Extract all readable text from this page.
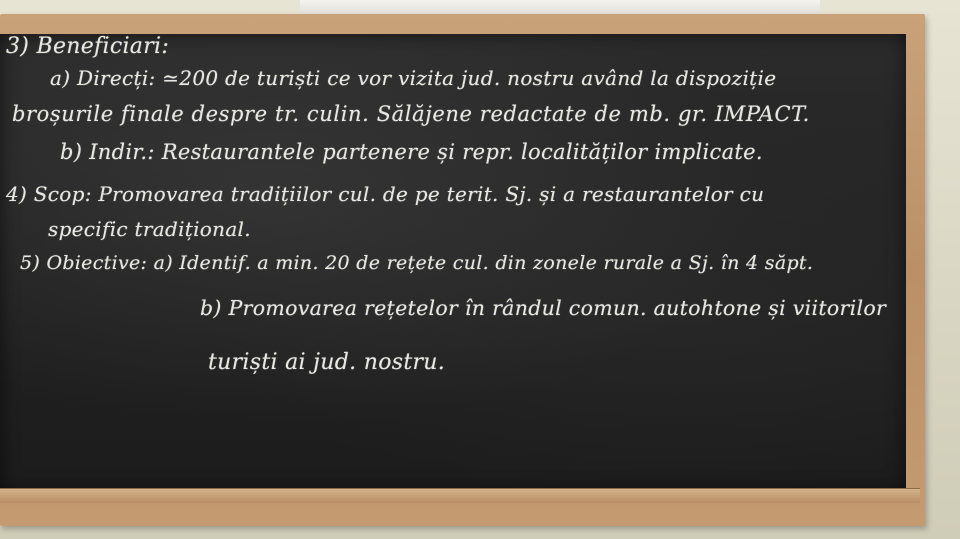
3) Beneficiari:
a) Direcți: ≃200 de turiști ce vor vizita jud. nostru având la dispoziție
broșurile finale despre tr. culin. Sălăjene redactate de mb. gr. IMPACT.
b) Indir.: Restaurantele partenere și repr. localităților implicate.
4) Scop: Promovarea tradițiilor cul. de pe terit. Sj. și a restaurantelor cu
specific tradițional.
5) Obiective: a) Identif. a min. 20 de rețete cul. din zonele rurale a Sj. în 4 săpt.
b) Promovarea rețetelor în rândul comun. autohtone și viitorilor
turiști ai jud. nostru.
